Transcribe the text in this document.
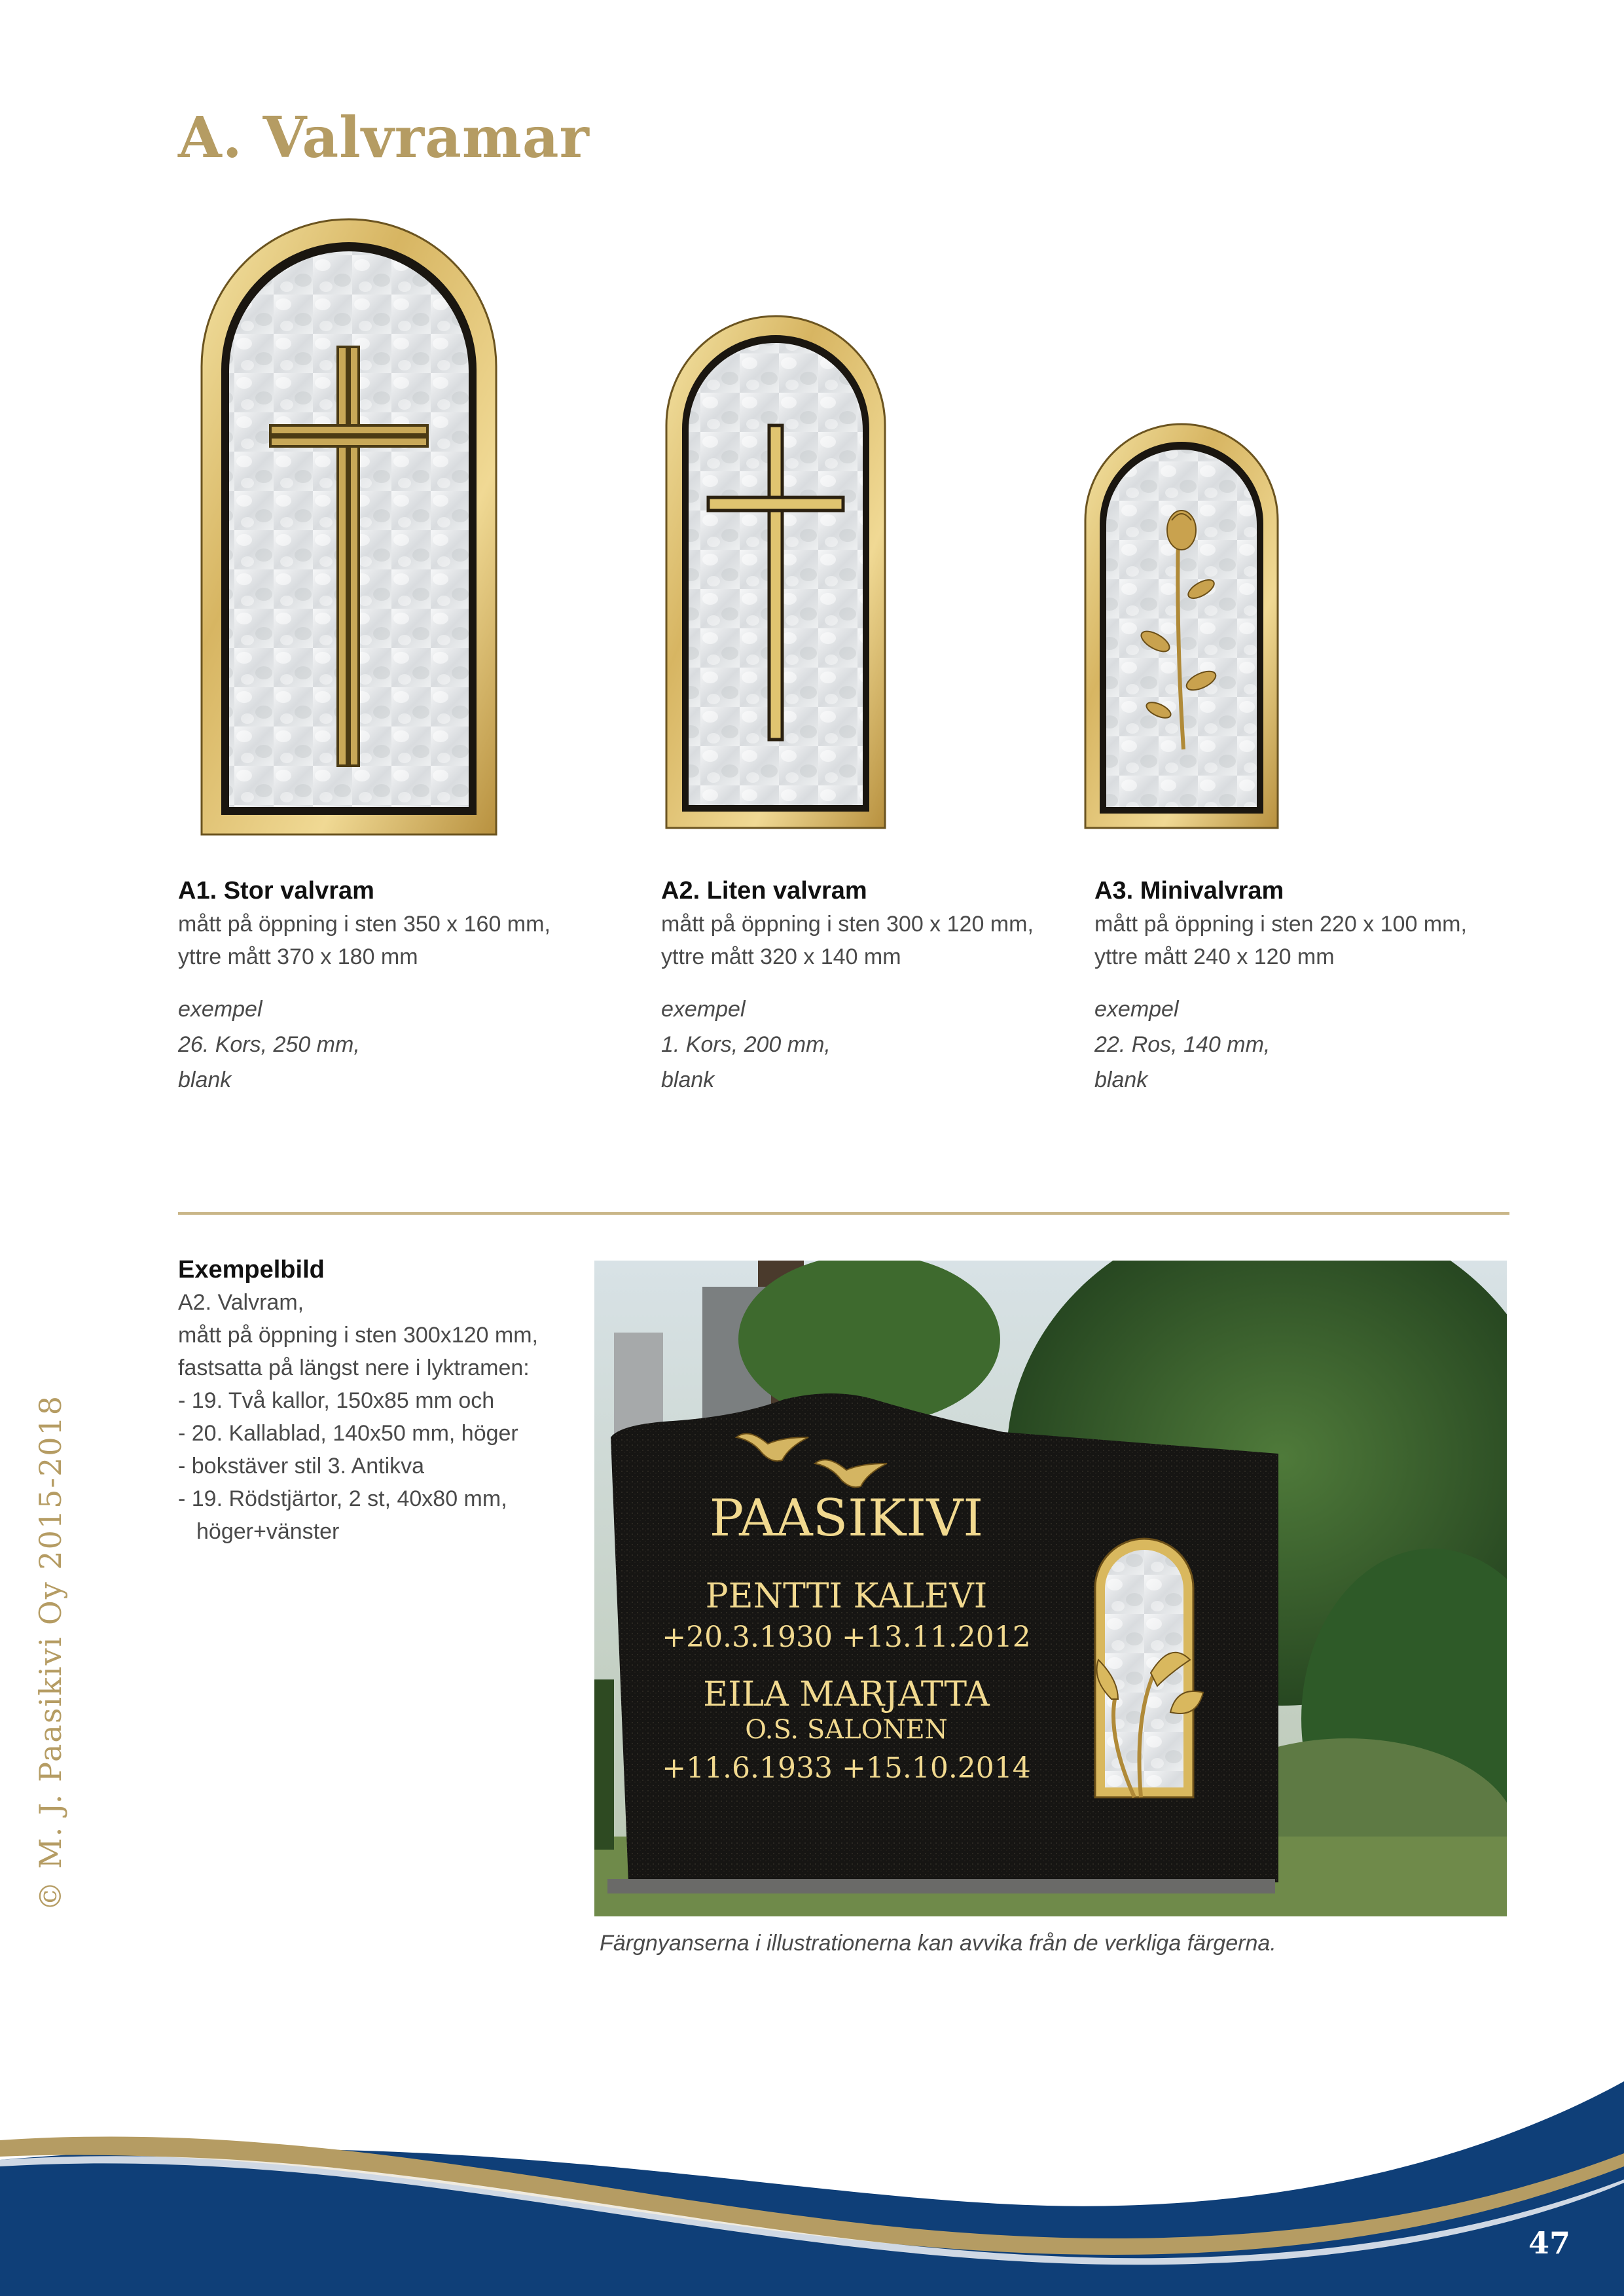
A. Valvramar
A1. Stor valvram
mått på öppning i sten 350 x 160 mm,
yttre mått 370 x 180 mm
exempel
26. Kors, 250 mm,
blank
A2. Liten valvram
mått på öppning i sten 300 x 120 mm,
yttre mått 320 x 140 mm
exempel
1. Kors, 200 mm,
blank
A3. Minivalvram
mått på öppning i sten 220 x 100 mm,
yttre mått 240 x 120 mm
exempel
22. Ros, 140 mm,
blank
Exempelbild
A2. Valvram,
mått på öppning i sten 300x120 mm,
fastsatta på längst nere i lyktramen:
- 19. Två kallor, 150x85 mm och
- 20. Kallablad, 140x50 mm, höger
- bokstäver stil 3. Antikva
- 19. Rödstjärtor, 2 st, 40x80 mm, höger+vänster	PAASIKIVI
PENTTI KALEVI
+20.3.1930 +13.11.2012
EILA MARJATTA
O.S. SALONEN
+11.6.1933 +15.10.2014
Färgnyanserna i illustrationerna kan avvika från de verkliga färgerna.
© M. J. Paasikivi Oy 2015-2018
47
